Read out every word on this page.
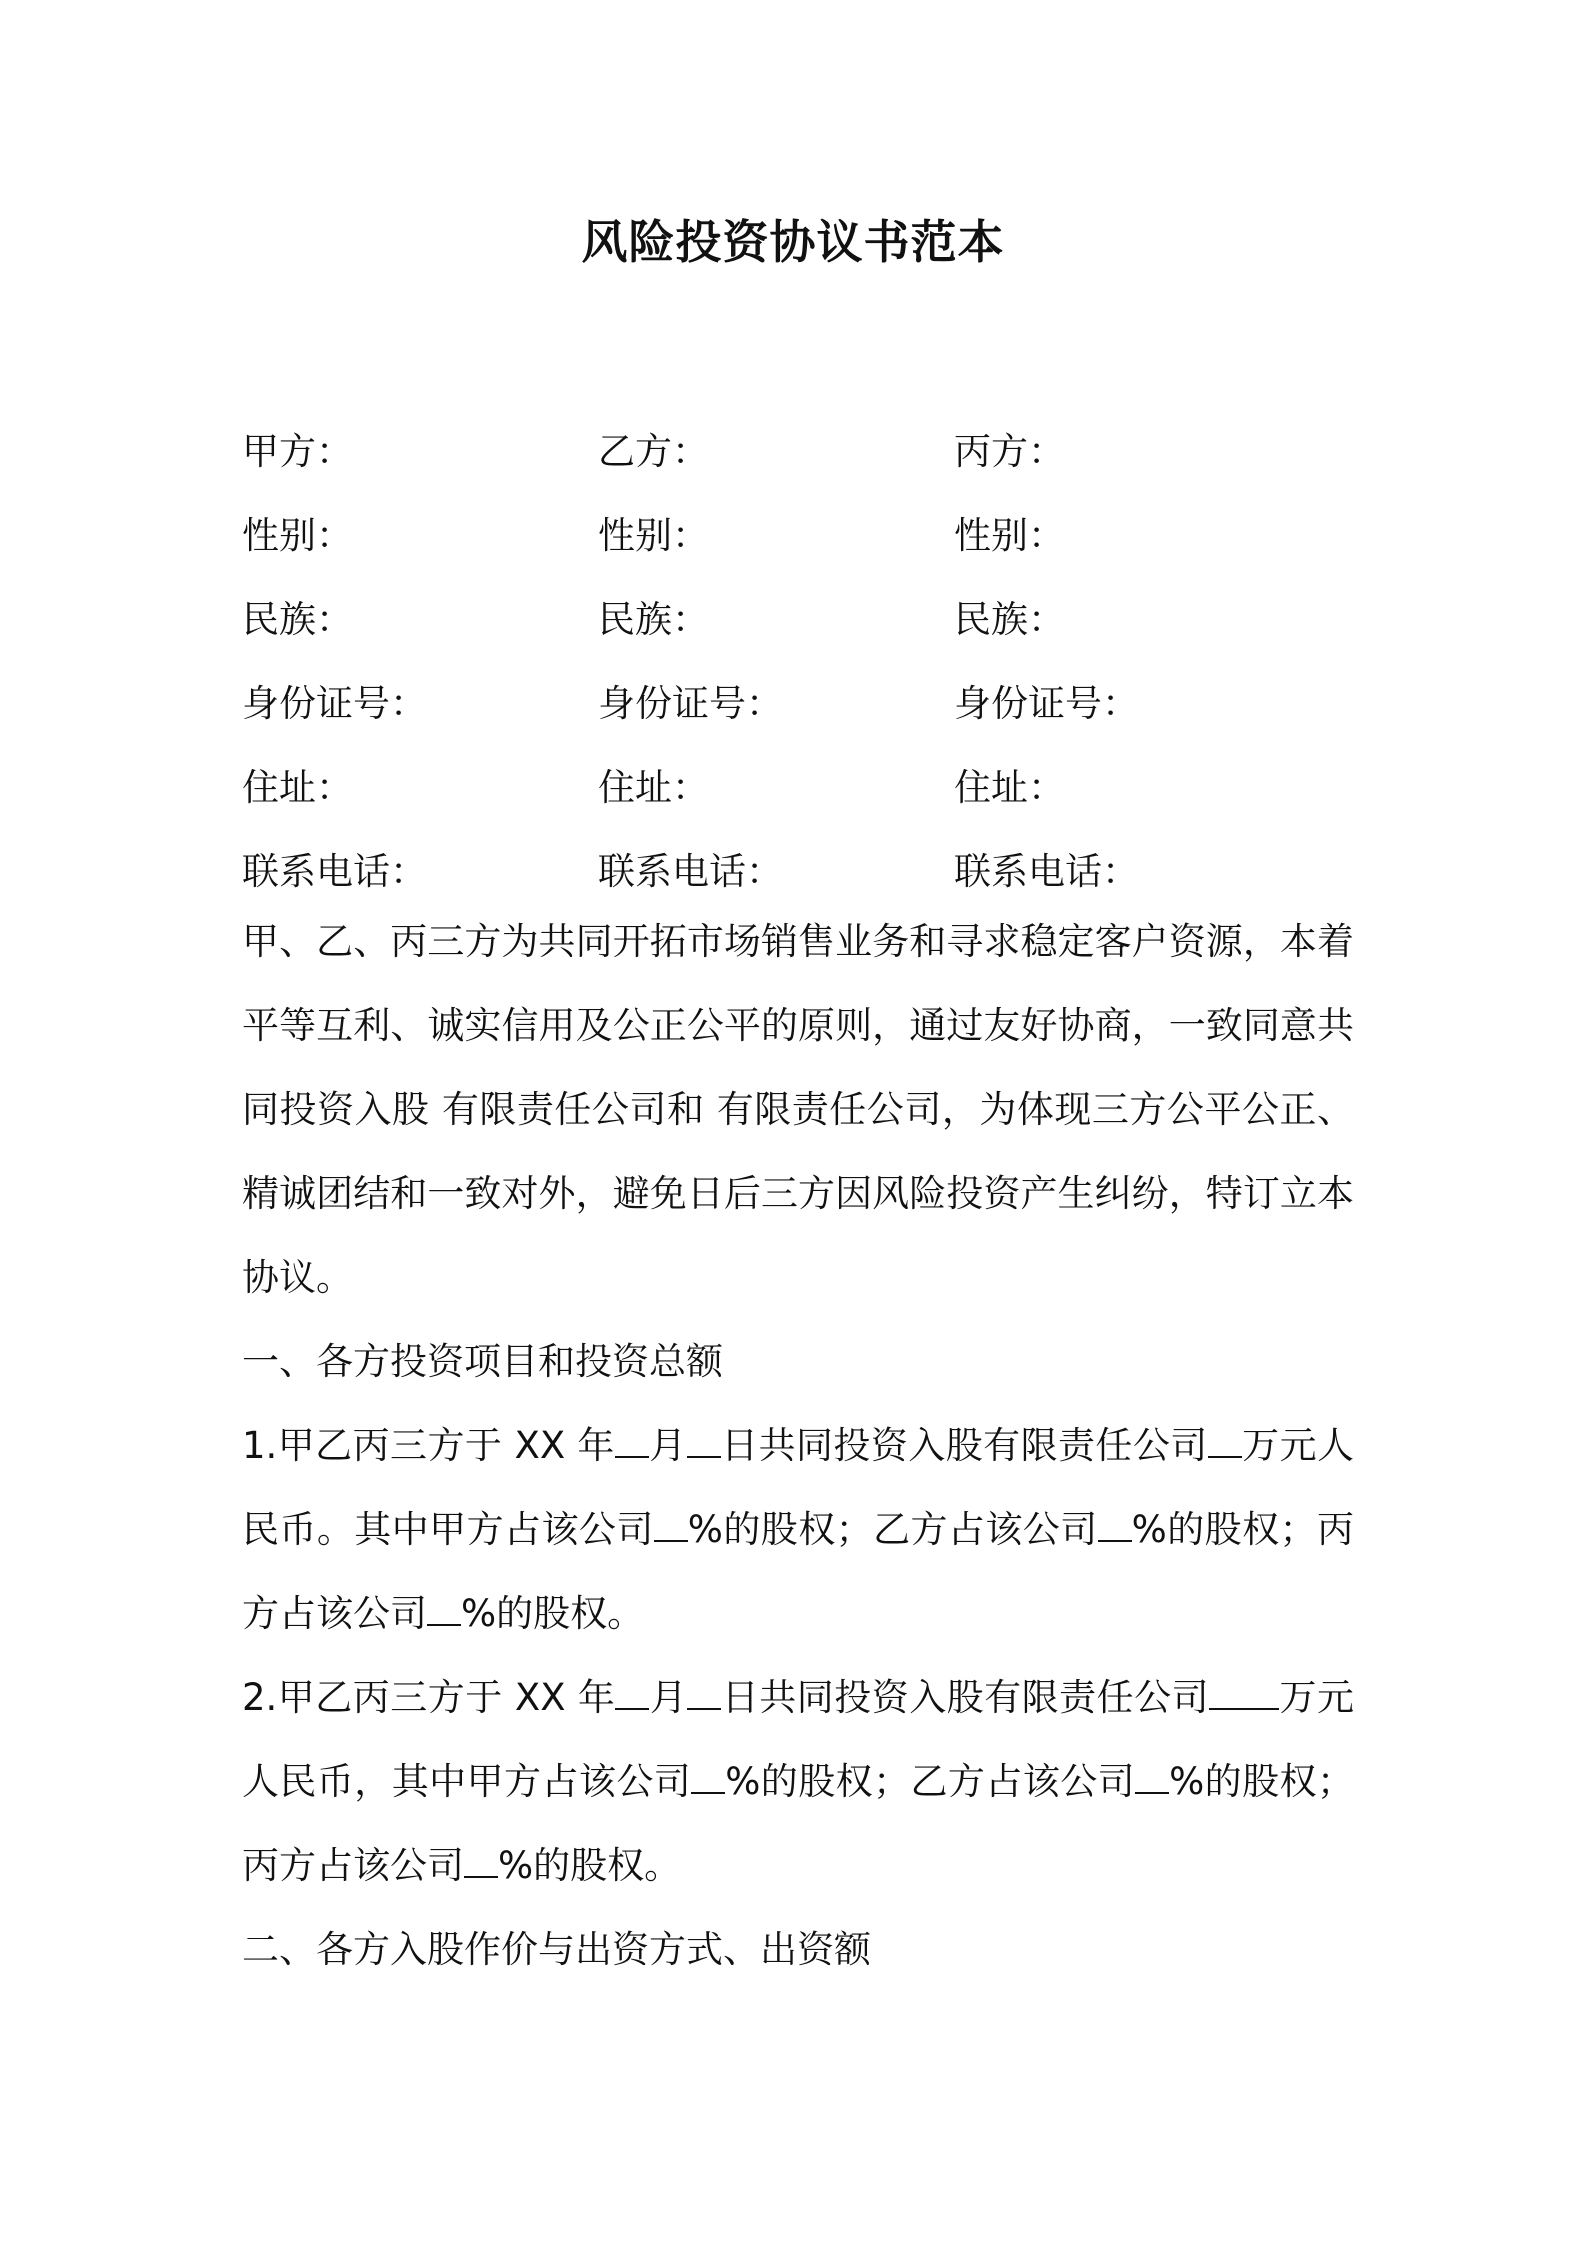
风险投资协议书范本
甲方：	乙方：	丙方：
性别：	性别：	性别：
民族：	民族：	民族：
身份证号：	身份证号：	身份证号：
住址：	住址：	住址：
联系电话：	联系电话：	联系电话：

甲、乙、丙三方为共同开拓市场销售业务和寻求稳定客户资源，本着平等互利、诚实信用及公正公平的原则，通过友好协商，一致同意共同投资入股 有限责任公司和 有限责任公司，为体现三方公平公正、精诚团结和一致对外，避免日后三方因风险投资产生纠纷，特订立本协议。

一、各方投资项目和投资总额

1.甲乙丙三方于 XX 年 月 日共同投资入股有限责任公司 万元人民币。其中甲方占该公司 %的股权；乙方占该公司 %的股权；丙方占该公司 %的股权。

2.甲乙丙三方于 XX 年 月 日共同投资入股有限责任公司 万元人民币，其中甲方占该公司 %的股权；乙方占该公司 %的股权；丙方占该公司 %的股权。

二、各方入股作价与出资方式、出资额
